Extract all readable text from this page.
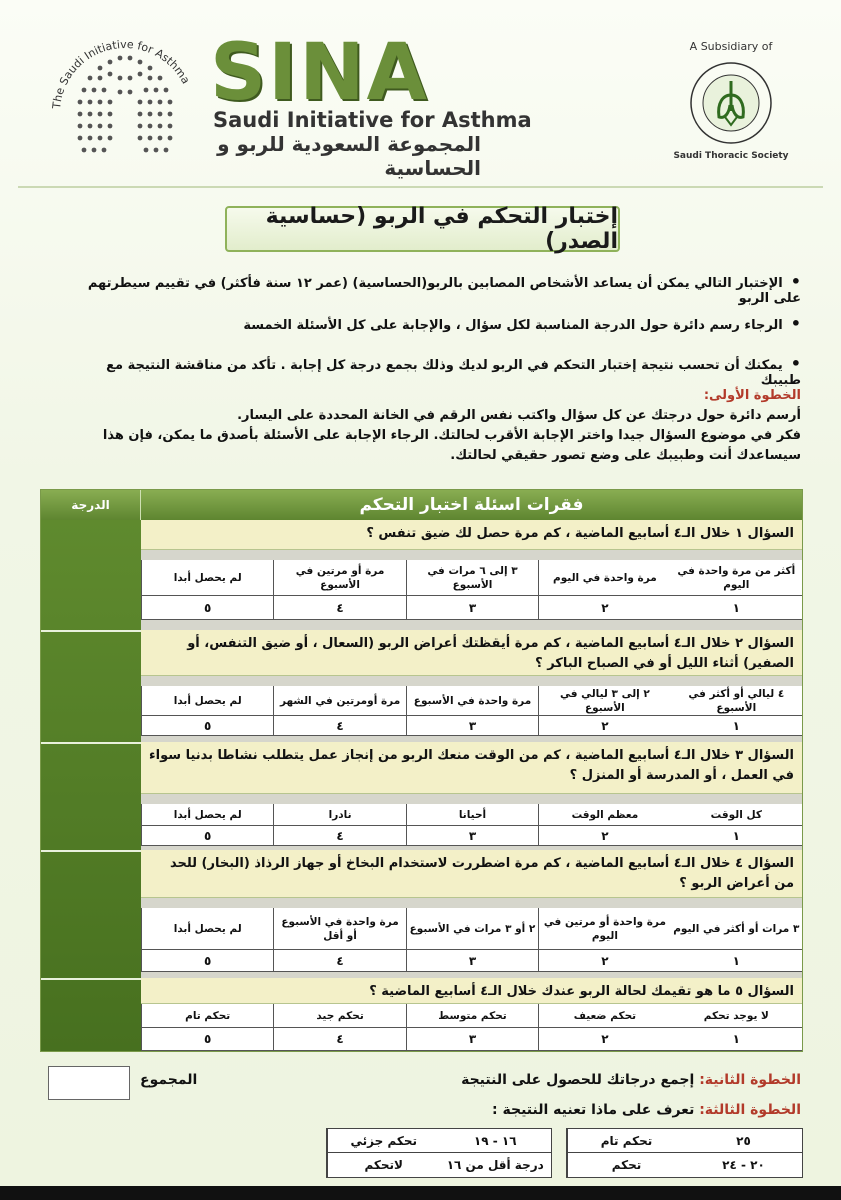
The Saudi Initiative for Asthma SINA
Saudi Initiative for Asthma
المجموعة السعودية للربو و الحساسية
A Subsidiary of
Saudi Thoracic Society
إختبار التحكم في الربو (حساسية الصدر)
•الإختبار التالي يمكن أن يساعد الأشخاص المصابين بالربو(الحساسية) (عمر ١٢ سنة فأكثر) في تقييم سيطرتهم على الربو
•الرجاء رسم دائرة حول الدرجة المناسبة لكل سؤال ، والإجابة على كل الأسئلة الخمسة
•يمكنك أن تحسب نتيجة إختبار التحكم في الربو لديك وذلك بجمع درجة كل إجابة . تأكد من مناقشة النتيجة مع طبيبك
الخطوة الأولى:
أرسم دائرة حول درجتك عن كل سؤال واكتب نفس الرقم في الخانة المحددة على اليسار.
فكر في موضوع السؤال جيدا واختر الإجابة الأقرب لحالتك. الرجاء الإجابة على الأسئلة بأصدق ما يمكن، فإن هذا
سيساعدك أنت وطبيبك على وضع تصور حقيقي لحالتك.
الدرجة	فقرات اسئلة اختبار التحكم
السؤال ١ خلال الـ٤ أسابيع الماضية ، كم مرة حصل لك ضيق تنفس ؟
أكثر من مرة واحدة في اليوم
مرة واحدة في اليوم
٣ إلى ٦ مرات في الأسبوع
مرة أو مرتين في الأسبوع
لم يحصل أبدا
١
٢
٣
٤
٥
السؤال ٢ خلال الـ٤ أسابيع الماضية ، كم مرة أيقظتك أعراض الربو (السعال ، أو ضيق التنفس، أو الصفير) أثناء الليل أو في الصباح الباكر ؟
٤ ليالي أو أكثر في الأسبوع
٢ إلى ٣ ليالي في الأسبوع
مرة واحدة في الأسبوع
مرة أومرتين في الشهر
لم يحصل أبدا
١
٢
٣
٤
٥
السؤال ٣ خلال الـ٤ أسابيع الماضية ، كم من الوقت منعك الربو من إنجاز عمل يتطلب نشاطا بدنيا سواء في العمل ، أو المدرسة أو المنزل ؟
كل الوقت
معظم الوقت
أحيانا
نادرا
لم يحصل أبدا
١
٢
٣
٤
٥
السؤال ٤ خلال الـ٤ أسابيع الماضية ، كم مرة اضطررت لاستخدام البخاخ أو جهاز الرذاذ (البخار) للحد من أعراض الربو ؟
٣ مرات أو أكثر في اليوم
مرة واحدة أو مرتين في اليوم
٢ أو ٣ مرات في الأسبوع
مرة واحدة في الأسبوع أو أقل
لم يحصل أبدا
١
٢
٣
٤
٥
السؤال ٥ ما هو تقيمك لحالة الربو عندك خلال الـ٤ أسابيع الماضية ؟
لا يوجد تحكم
تحكم ضعيف
تحكم متوسط
تحكم جيد
تحكم تام
١
٢
٣
٤
٥
المجموع	الخطوة الثانية: إجمع درجاتك للحصول على النتيجة
الخطوة الثالثة: تعرف على ماذا تعنيه النتيجة :
٢٥
تحكم تام
٢٠ - ٢٤
تحكم
١٦ - ١٩
تحكم جزئي
درجة أقل من ١٦
لاتحكم
